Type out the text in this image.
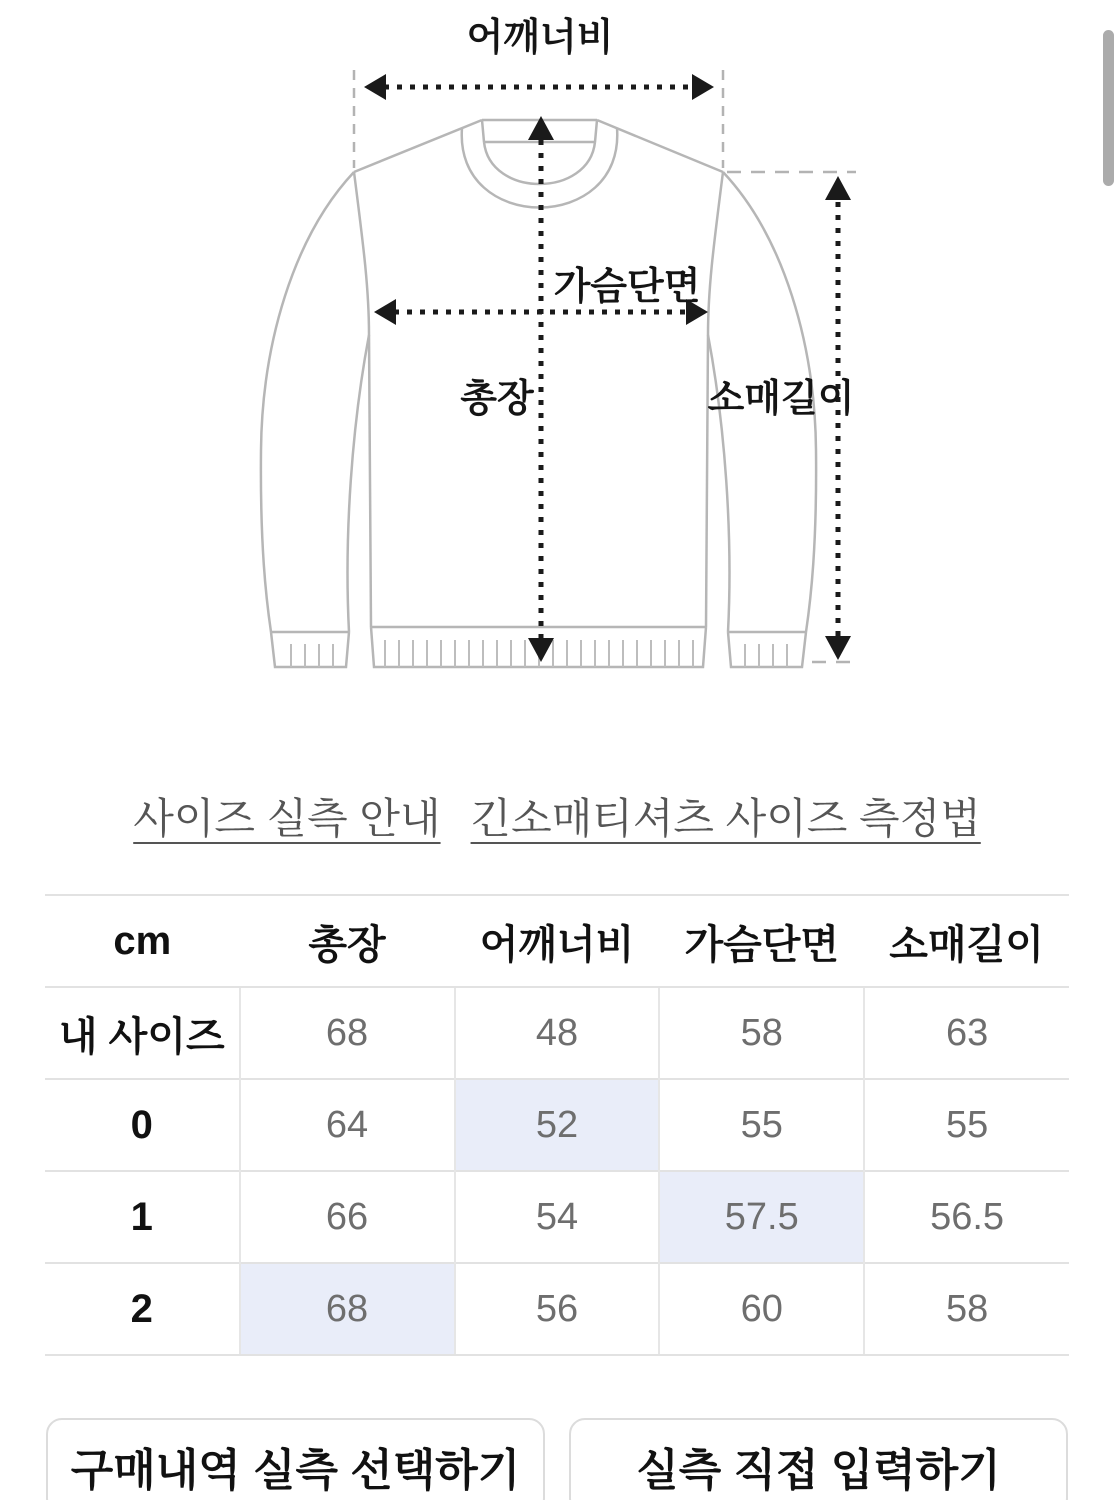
어깨너비
가슴단면
총장	소매길이
사이즈 실측 안내 긴소매티셔츠 사이즈 측정법
cm	총장	어깨너비	가슴단면	소매길이
내 사이즈	68	48	58	63
0	64	52	55	55
1	66	54	57.5	56.5
2	68	56	60	58
구매내역 실측 선택하기	실측 직접 입력하기
